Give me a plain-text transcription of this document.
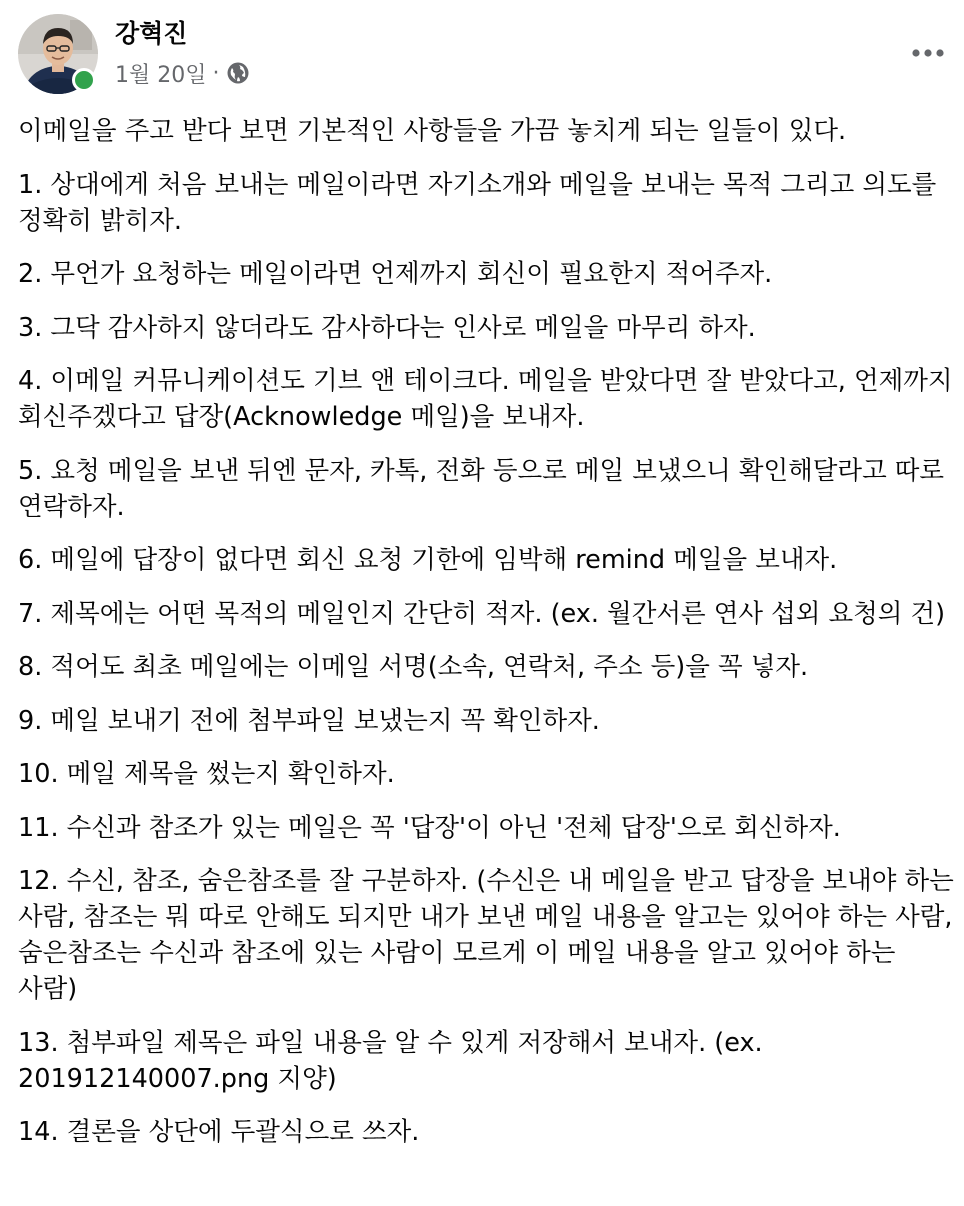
강혁진
1월 20일 ·

이메일을 주고 받다 보면 기본적인 사항들을 가끔 놓치게 되는 일들이 있다.

1. 상대에게 처음 보내는 메일이라면 자기소개와 메일을 보내는 목적 그리고 의도를 정확히 밝히자.

2. 무언가 요청하는 메일이라면 언제까지 회신이 필요한지 적어주자.

3. 그닥 감사하지 않더라도 감사하다는 인사로 메일을 마무리 하자.

4. 이메일 커뮤니케이션도 기브 앤 테이크다. 메일을 받았다면 잘 받았다고, 언제까지 회신주겠다고 답장(Acknowledge 메일)을 보내자.

5. 요청 메일을 보낸 뒤엔 문자, 카톡, 전화 등으로 메일 보냈으니 확인해달라고 따로 연락하자.

6. 메일에 답장이 없다면 회신 요청 기한에 임박해 remind 메일을 보내자.

7. 제목에는 어떤 목적의 메일인지 간단히 적자. (ex. 월간서른 연사 섭외 요청의 건)

8. 적어도 최초 메일에는 이메일 서명(소속, 연락처, 주소 등)을 꼭 넣자.

9. 메일 보내기 전에 첨부파일 보냈는지 꼭 확인하자.

10. 메일 제목을 썼는지 확인하자.

11. 수신과 참조가 있는 메일은 꼭 '답장'이 아닌 '전체 답장'으로 회신하자.

12. 수신, 참조, 숨은참조를 잘 구분하자. (수신은 내 메일을 받고 답장을 보내야 하는 사람, 참조는 뭐 따로 안해도 되지만 내가 보낸 메일 내용을 알고는 있어야 하는 사람, 숨은참조는 수신과 참조에 있는 사람이 모르게 이 메일 내용을 알고 있어야 하는 사람)

13. 첨부파일 제목은 파일 내용을 알 수 있게 저장해서 보내자. (ex. 201912140007.png 지양)

14. 결론을 상단에 두괄식으로 쓰자.
